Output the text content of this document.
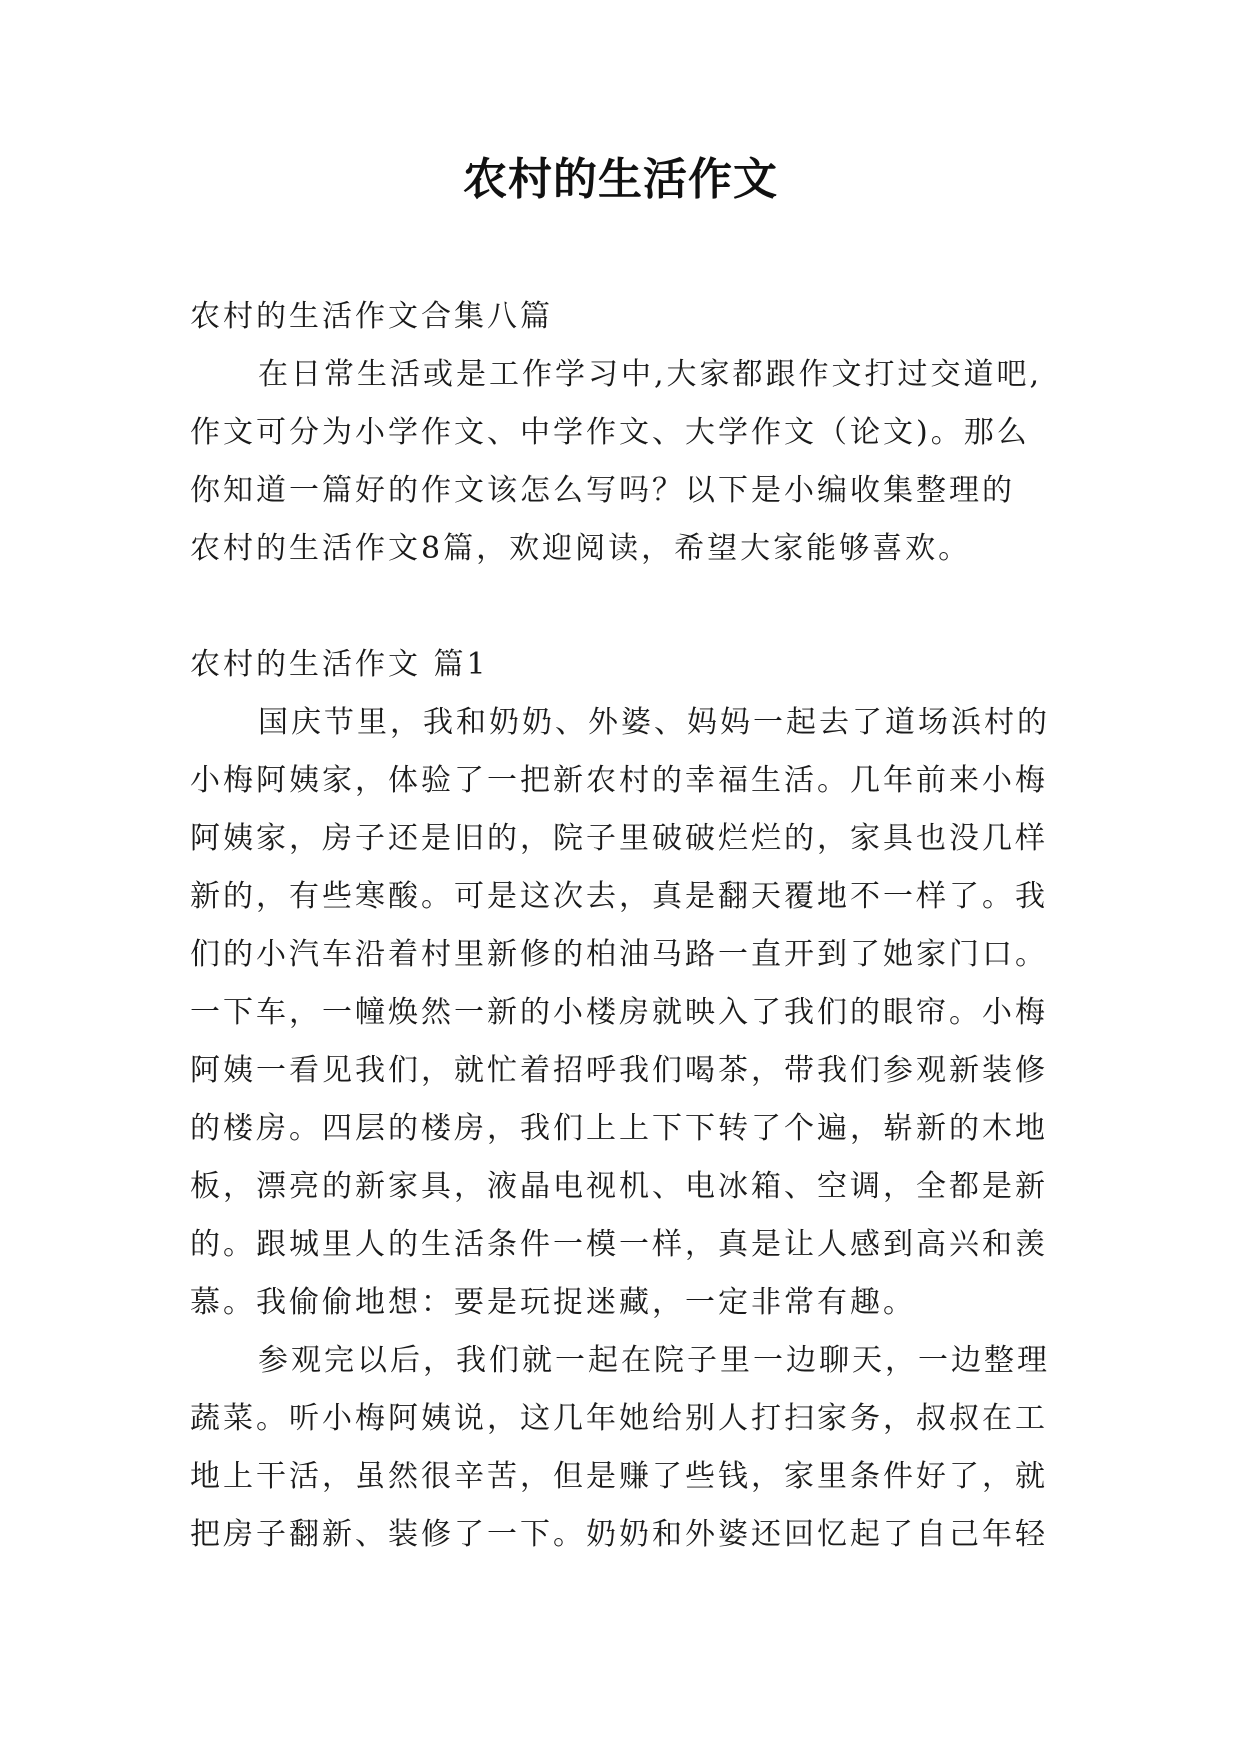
农村的生活作文
农村的生活作文合集八篇
在日常生活或是工作学习中,大家都跟作文打过交道吧,
作文可分为小学作文、中学作文、大学作文（论文)。那么
你知道一篇好的作文该怎么写吗？以下是小编收集整理的
农村的生活作文8篇，欢迎阅读，希望大家能够喜欢。
农村的生活作文 篇1
国庆节里，我和奶奶、外婆、妈妈一起去了道场浜村的
小梅阿姨家，体验了一把新农村的幸福生活。几年前来小梅
阿姨家，房子还是旧的，院子里破破烂烂的，家具也没几样
新的，有些寒酸。可是这次去，真是翻天覆地不一样了。我
们的小汽车沿着村里新修的柏油马路一直开到了她家门口。
一下车，一幢焕然一新的小楼房就映入了我们的眼帘。小梅
阿姨一看见我们，就忙着招呼我们喝茶，带我们参观新装修
的楼房。四层的楼房，我们上上下下转了个遍，崭新的木地
板，漂亮的新家具，液晶电视机、电冰箱、空调，全都是新
的。跟城里人的生活条件一模一样，真是让人感到高兴和羡
慕。我偷偷地想：要是玩捉迷藏，一定非常有趣。
参观完以后，我们就一起在院子里一边聊天，一边整理
蔬菜。听小梅阿姨说，这几年她给别人打扫家务，叔叔在工
地上干活，虽然很辛苦，但是赚了些钱，家里条件好了，就
把房子翻新、装修了一下。奶奶和外婆还回忆起了自己年轻
